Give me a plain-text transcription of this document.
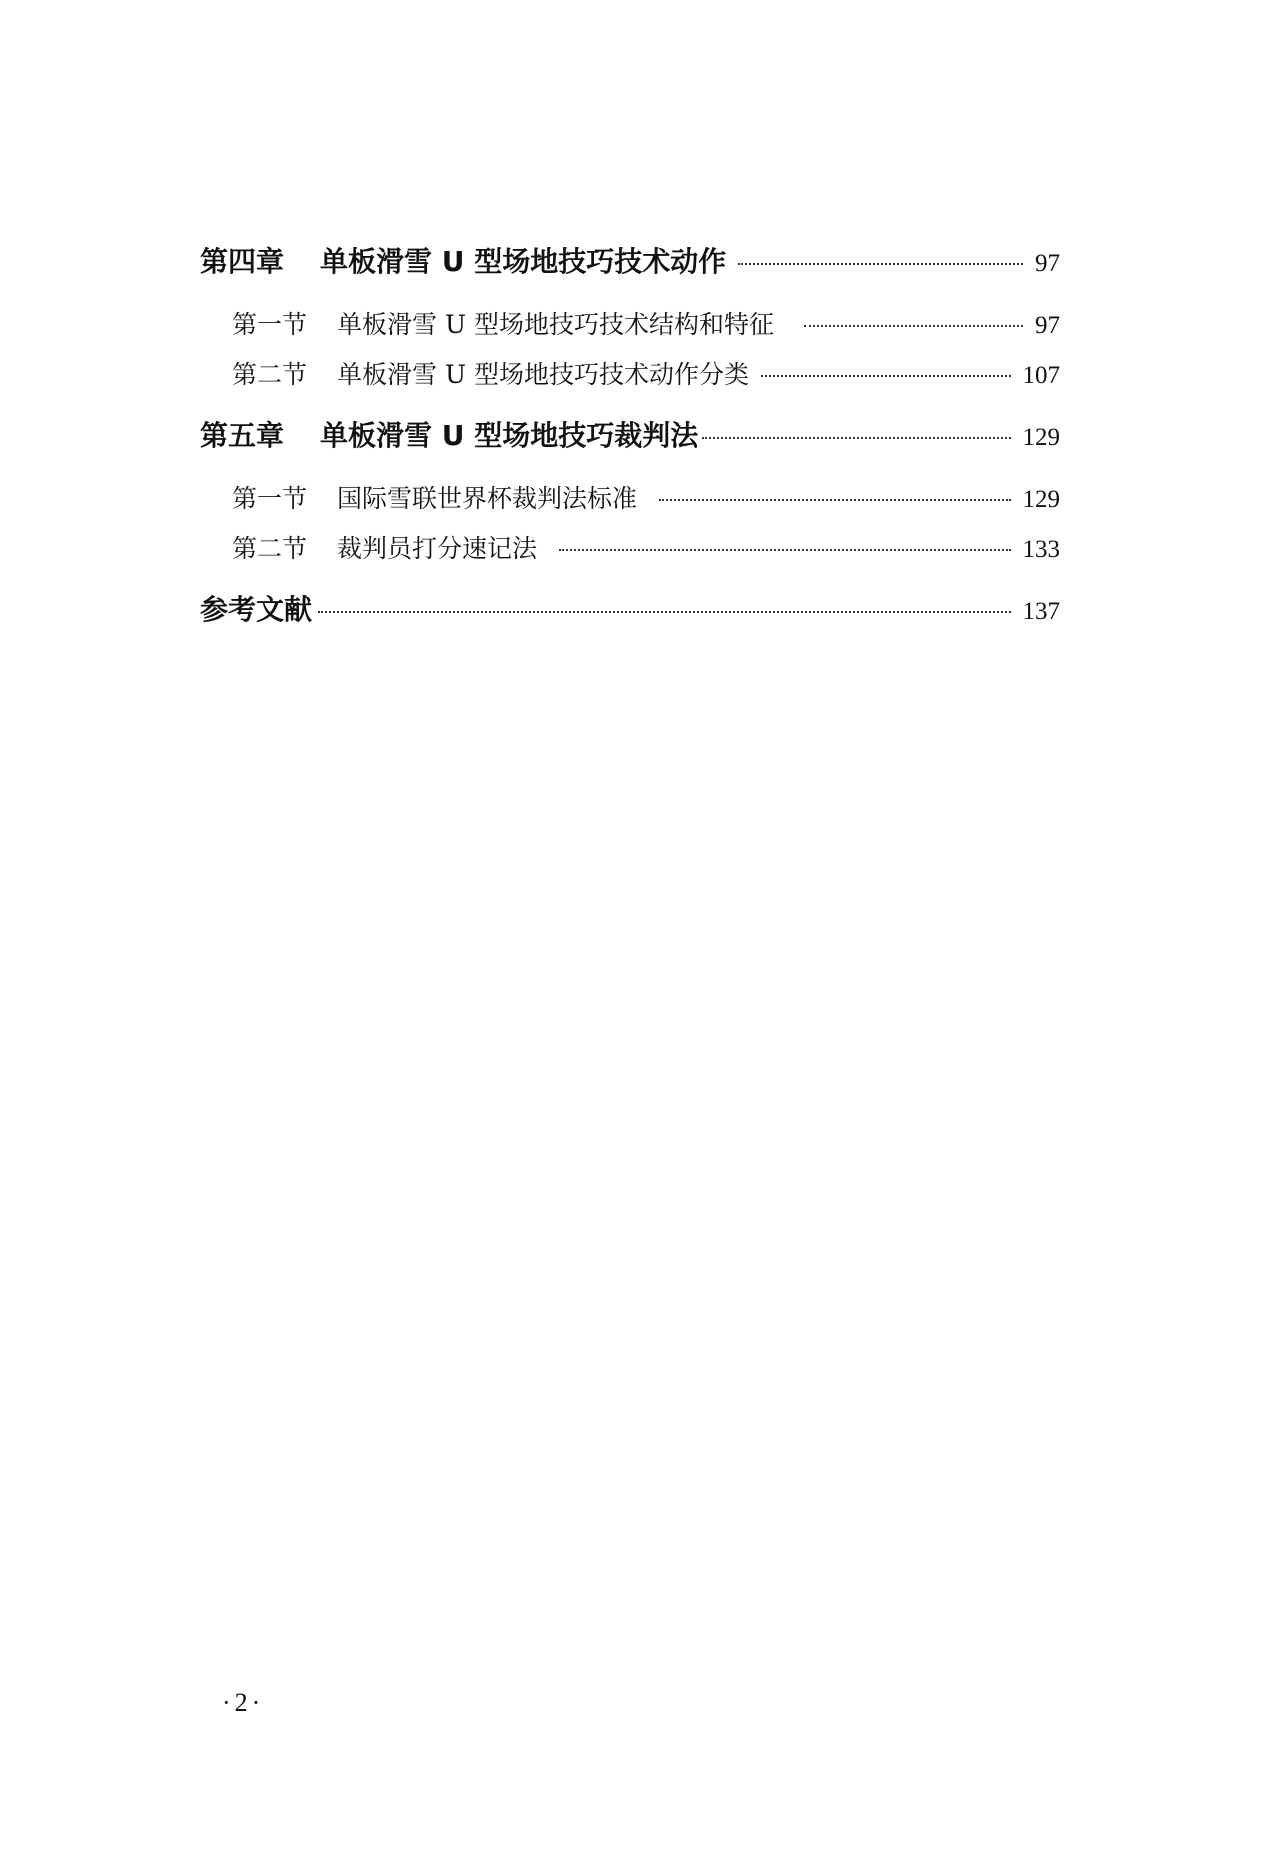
第四章 单板滑雪 U 型场地技巧技术动作	97
第一节 单板滑雪 U 型场地技巧技术结构和特征	97
第二节 单板滑雪 U 型场地技巧技术动作分类	107
第五章 单板滑雪 U 型场地技巧裁判法	129
第一节 国际雪联世界杯裁判法标准	129
第二节 裁判员打分速记法	133
参考文献	137
·2·
